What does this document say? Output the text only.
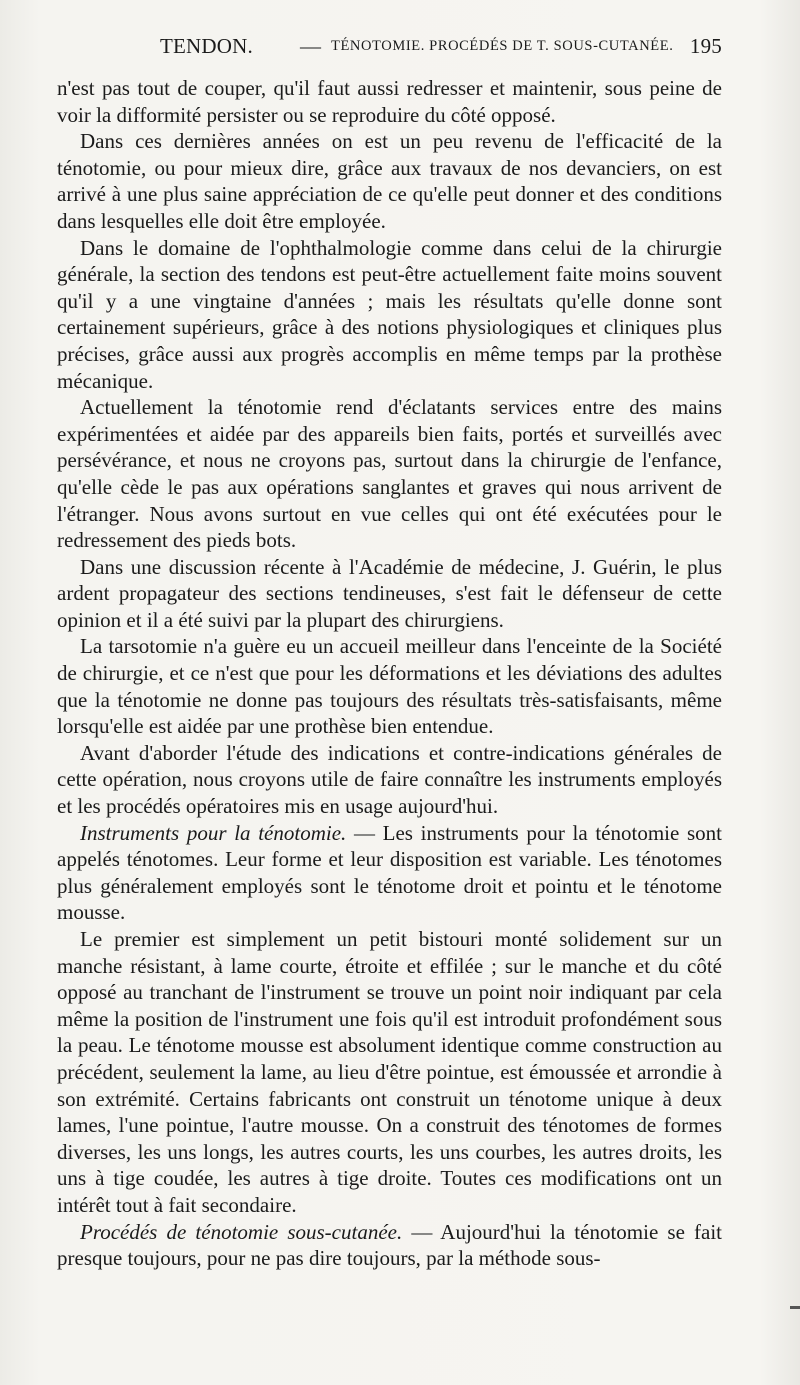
TENDON. — TÉNOTOMIE. PROCÉDÉS DE T. SOUS-CUTANÉE. 195

n'est pas tout de couper, qu'il faut aussi redresser et maintenir, sous peine de voir la difformité persister ou se reproduire du côté opposé.

Dans ces dernières années on est un peu revenu de l'efficacité de la ténotomie, ou pour mieux dire, grâce aux travaux de nos devanciers, on est arrivé à une plus saine appréciation de ce qu'elle peut donner et des conditions dans lesquelles elle doit être employée.

Dans le domaine de l'ophthalmologie comme dans celui de la chirurgie générale, la section des tendons est peut-être actuellement faite moins souvent qu'il y a une vingtaine d'années ; mais les résultats qu'elle donne sont certainement supérieurs, grâce à des notions physiologiques et cliniques plus précises, grâce aussi aux progrès accomplis en même temps par la prothèse mécanique.

Actuellement la ténotomie rend d'éclatants services entre des mains expérimentées et aidée par des appareils bien faits, portés et surveillés avec persévérance, et nous ne croyons pas, surtout dans la chirurgie de l'enfance, qu'elle cède le pas aux opérations sanglantes et graves qui nous arrivent de l'étranger. Nous avons surtout en vue celles qui ont été exécutées pour le redressement des pieds bots.

Dans une discussion récente à l'Académie de médecine, J. Guérin, le plus ardent propagateur des sections tendineuses, s'est fait le défenseur de cette opinion et il a été suivi par la plupart des chirurgiens.

La tarsotomie n'a guère eu un accueil meilleur dans l'enceinte de la Société de chirurgie, et ce n'est que pour les déformations et les déviations des adultes que la ténotomie ne donne pas toujours des résultats très-satisfaisants, même lorsqu'elle est aidée par une prothèse bien entendue.

Avant d'aborder l'étude des indications et contre-indications générales de cette opération, nous croyons utile de faire connaître les instruments employés et les procédés opératoires mis en usage aujourd'hui.

Instruments pour la ténotomie. — Les instruments pour la ténotomie sont appelés ténotomes. Leur forme et leur disposition est variable. Les ténotomes plus généralement employés sont le ténotome droit et pointu et le ténotome mousse.

Le premier est simplement un petit bistouri monté solidement sur un manche résistant, à lame courte, étroite et effilée ; sur le manche et du côté opposé au tranchant de l'instrument se trouve un point noir indiquant par cela même la position de l'instrument une fois qu'il est introduit profondément sous la peau. Le ténotome mousse est absolument identique comme construction au précédent, seulement la lame, au lieu d'être pointue, est émoussée et arrondie à son extrémité. Certains fabricants ont construit un ténotome unique à deux lames, l'une pointue, l'autre mousse. On a construit des ténotomes de formes diverses, les uns longs, les autres courts, les uns courbes, les autres droits, les uns à tige coudée, les autres à tige droite. Toutes ces modifications ont un intérêt tout à fait secondaire.

Procédés de ténotomie sous-cutanée. — Aujourd'hui la ténotomie se fait presque toujours, pour ne pas dire toujours, par la méthode sous-
